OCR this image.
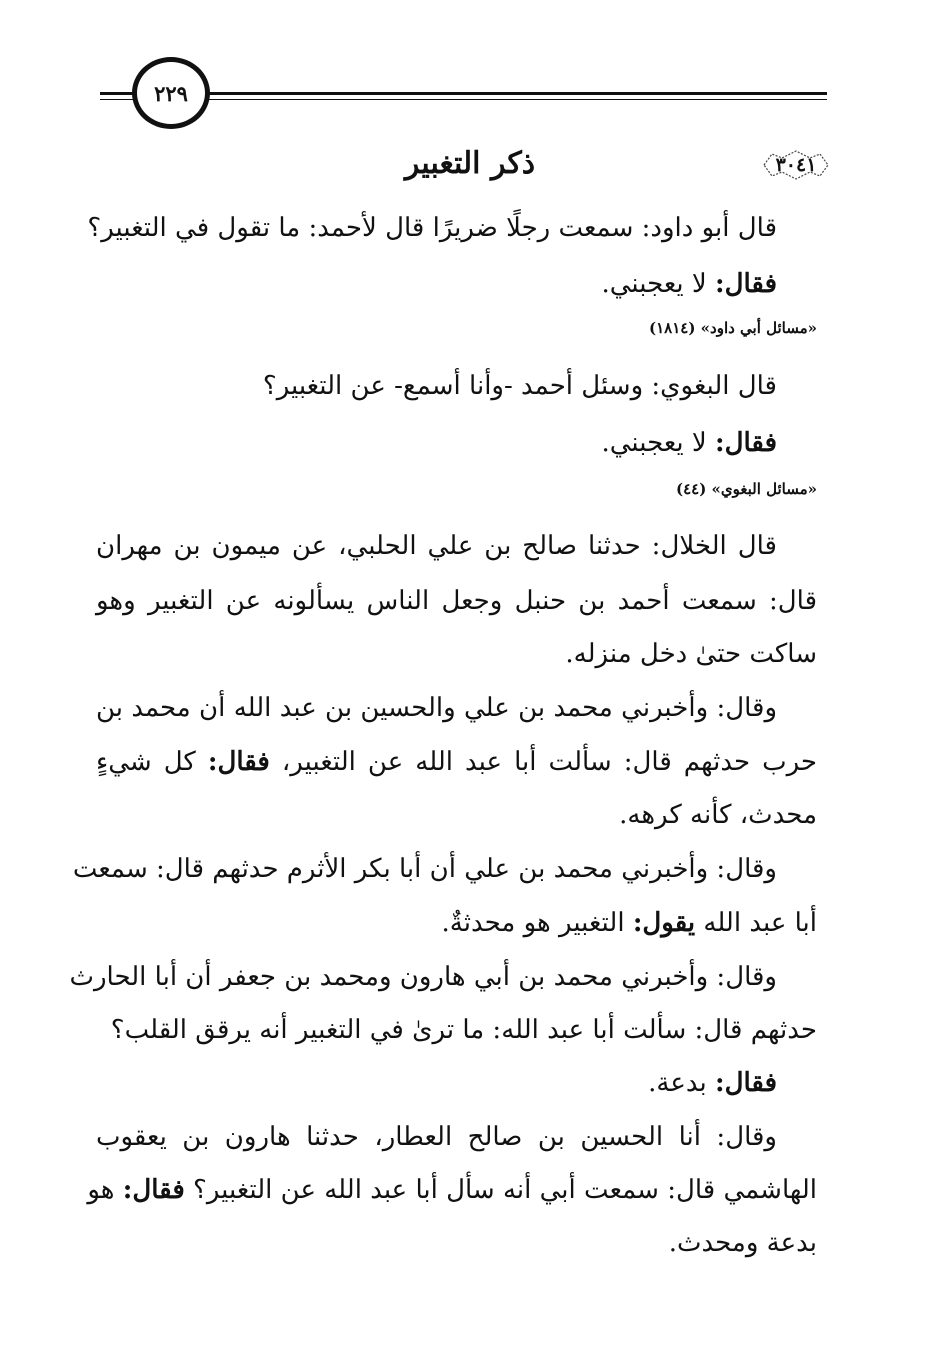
٢٢٩
ذكر التغبير	٣٠٤١
قال أبو داود: سمعت رجلًا ضريرًا قال لأحمد: ما تقول في التغبير؟
فقال: لا يعجبني.
«مسائل أبي داود» (١٨١٤)
قال البغوي: وسئل أحمد -وأنا أسمع- عن التغبير؟
فقال: لا يعجبني.
«مسائل البغوي» (٤٤)
قال الخلال: حدثنا صالح بن علي الحلبي، عن ميمون بن مهران
قال: سمعت أحمد بن حنبل وجعل الناس يسألونه عن التغبير وهو
ساكت حتىٰ دخل منزله.
وقال: وأخبرني محمد بن علي والحسين بن عبد الله أن محمد بن
حرب حدثهم قال: سألت أبا عبد الله عن التغبير، فقال: كل شيءٍ
محدث، كأنه كرهه.
وقال: وأخبرني محمد بن علي أن أبا بكر الأثرم حدثهم قال: سمعت
أبا عبد الله يقول: التغبير هو محدثةٌ.
وقال: وأخبرني محمد بن أبي هارون ومحمد بن جعفر أن أبا الحارث
حدثهم قال: سألت أبا عبد الله: ما ترىٰ في التغبير أنه يرقق القلب؟
فقال: بدعة.
وقال: أنا الحسين بن صالح العطار، حدثنا هارون بن يعقوب
الهاشمي قال: سمعت أبي أنه سأل أبا عبد الله عن التغبير؟ فقال: هو
بدعة ومحدث.
